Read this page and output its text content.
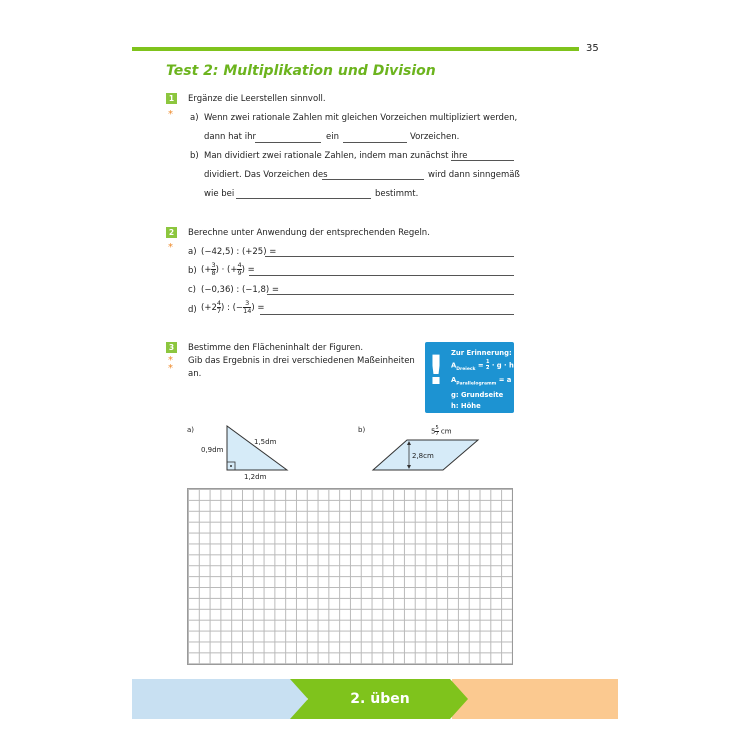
35
Test 2: Multiplikation und Division
1
*
Ergänze die Leerstellen sinnvoll.
a) Wenn zwei rationale Zahlen mit gleichen Vorzeichen multipliziert werden,
dann hat ihr	ein	Vorzeichen.
b) Man dividiert zwei rationale Zahlen, indem man zunächst ihre
dividiert. Das Vorzeichen des	wird dann sinngemäß
wie bei	bestimmt.
2
*
Berechne unter Anwendung der entsprechenden Regeln.
a) (−42,5) : (+25) =
b) (+ $\frac{3}{8}$ ) · (+ $\frac{4}{9}$ ) =
c) (−0,36) : (−1,8) =
d) ($+2 \frac{4}{7}$ ) : (− $\frac{3}{14}$ ) =
3
*
*
Bestimme den Flächeninhalt der Figuren.
Gib das Ergebnis in drei verschiedenen Maßeinheiten
an.	! Zur Erinnerung:
$A_{Dreieck} = \frac{1}{2} \cdot g \cdot h$
$A_{Parallelogramm} = a \cdot h_a$
g: Grundseite
h: Höhe
$h_a$: Höhe auf a
a)
0,9dm
1,5dm
1,2dm
b)	$5 \frac{5}{7}$ cm
2,8cm
2. üben
